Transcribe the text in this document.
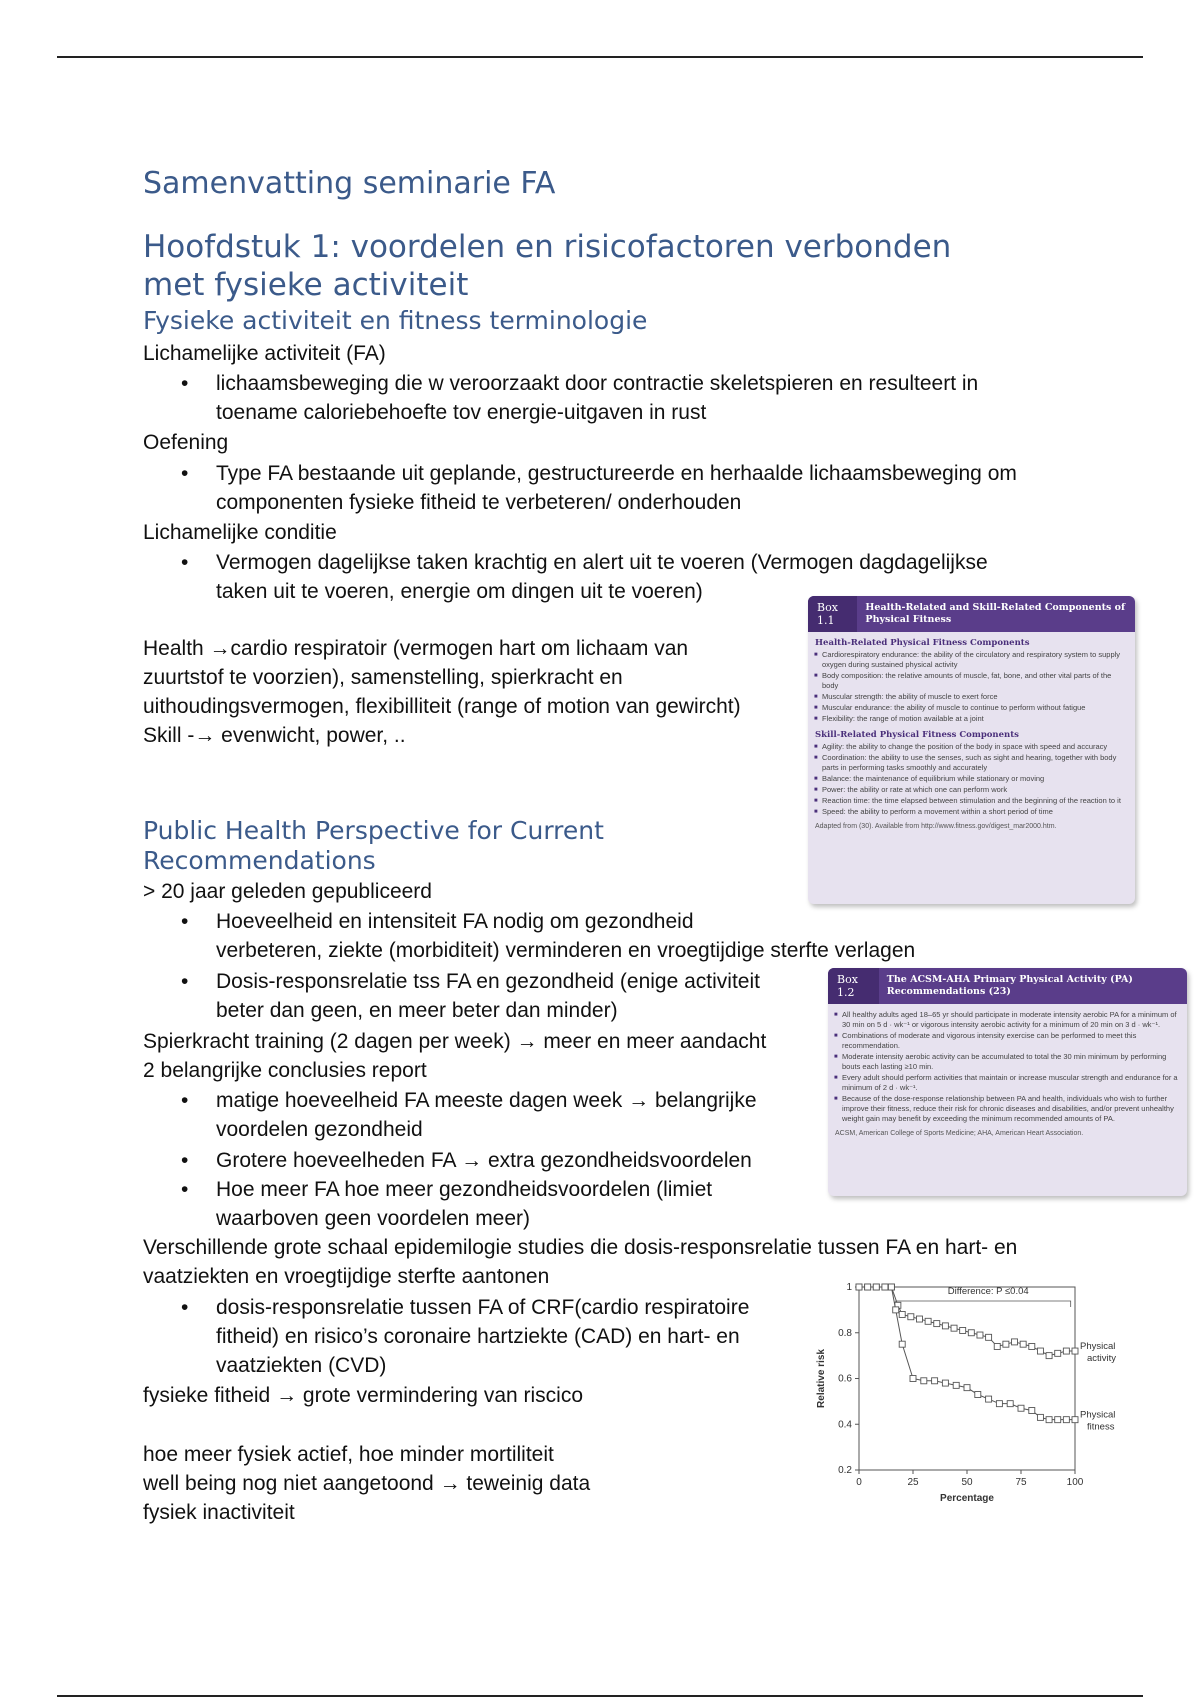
Samenvatting seminarie FA
Hoofdstuk 1: voordelen en risicofactoren verbonden
met fysieke activiteit
Fysieke activiteit en fitness terminologie
Lichamelijke activiteit (FA)
• lichaamsbeweging die w veroorzaakt door contractie skeletspieren en resulteert in
toename caloriebehoefte tov energie-uitgaven in rust
Oefening
• Type FA bestaande uit geplande, gestructureerde en herhaalde lichaamsbeweging om
componenten fysieke fitheid te verbeteren/ onderhouden
Lichamelijke conditie
• Vermogen dagelijkse taken krachtig en alert uit te voeren (Vermogen dagdagelijkse
taken uit te voeren, energie om dingen uit te voeren)
Health →cardio respiratoir (vermogen hart om lichaam van
zuurtstof te voorzien), samenstelling, spierkracht en
uithoudingsvermogen, flexibilliteit (range of motion van gewircht)
Skill -→ evenwicht, power, ..
Box 1.1
Health-Related and Skill-Related Components of Physical Fitness
Health-Related Physical Fitness Components
■ Cardiorespiratory endurance: the ability of the circulatory and respiratory system to supply oxygen during sustained physical activity
■ Body composition: the relative amounts of muscle, fat, bone, and other vital parts of the body
■ Muscular strength: the ability of muscle to exert force
■ Muscular endurance: the ability of muscle to continue to perform without fatigue
■ Flexibility: the range of motion available at a joint
Skill-Related Physical Fitness Components
■ Agility: the ability to change the position of the body in space with speed and accuracy
■ Coordination: the ability to use the senses, such as sight and hearing, together with body parts in performing tasks smoothly and accurately
■ Balance: the maintenance of equilibrium while stationary or moving
■ Power: the ability or rate at which one can perform work
■ Reaction time: the time elapsed between stimulation and the beginning of the reaction to it
■ Speed: the ability to perform a movement within a short period of time
Adapted from (30). Available from http://www.fitness.gov/digest_mar2000.htm.
Public Health Perspective for Current
Recommendations
> 20 jaar geleden gepubliceerd
• Hoeveelheid en intensiteit FA nodig om gezondheid
verbeteren, ziekte (morbiditeit) verminderen en vroegtijdige sterfte verlagen
• Dosis-responsrelatie tss FA en gezondheid (enige activiteit
beter dan geen, en meer beter dan minder)
Spierkracht training (2 dagen per week) → meer en meer aandacht
2 belangrijke conclusies report
• matige hoeveelheid FA meeste dagen week → belangrijke
voordelen gezondheid
• Grotere hoeveelheden FA → extra gezondheidsvoordelen
• Hoe meer FA hoe meer gezondheidsvoordelen (limiet
waarboven geen voordelen meer)
Verschillende grote schaal epidemilogie studies die dosis-responsrelatie tussen FA en hart- en
vaatziekten en vroegtijdige sterfte aantonen
• dosis-responsrelatie tussen FA of CRF(cardio respiratoire
fitheid) en risico’s coronaire hartziekte (CAD) en hart- en
vaatziekten (CVD)
fysieke fitheid → grote vermindering van riscico
hoe meer fysiek actief, hoe minder mortiliteit
well being nog niet aangetoond → teweinig data
fysiek inactiviteit
Box 1.2
The ACSM-AHA Primary Physical Activity (PA) Recommendations (23)
■ All healthy adults aged 18–65 yr should participate in moderate intensity aerobic PA for a minimum of 30 min on 5 d · wk⁻¹ or vigorous intensity aerobic activity for a minimum of 20 min on 3 d · wk⁻¹.
■ Combinations of moderate and vigorous intensity exercise can be performed to meet this recommendation.
■ Moderate intensity aerobic activity can be accumulated to total the 30 min minimum by performing bouts each lasting ≥10 min.
■ Every adult should perform activities that maintain or increase muscular strength and endurance for a minimum of 2 d · wk⁻¹.
■ Because of the dose-response relationship between PA and health, individuals who wish to further improve their fitness, reduce their risk for chronic diseases and disabilities, and/or prevent unhealthy weight gain may benefit by exceeding the minimum recommended amounts of PA.
ACSM, American College of Sports Medicine; AHA, American Heart Association.
0.2
0.4
0.6
0.8
1
0	25	50	75	100
Percentage
Relative risk
Difference: P ≤0.04
Physical
activity
Physical
fitness
